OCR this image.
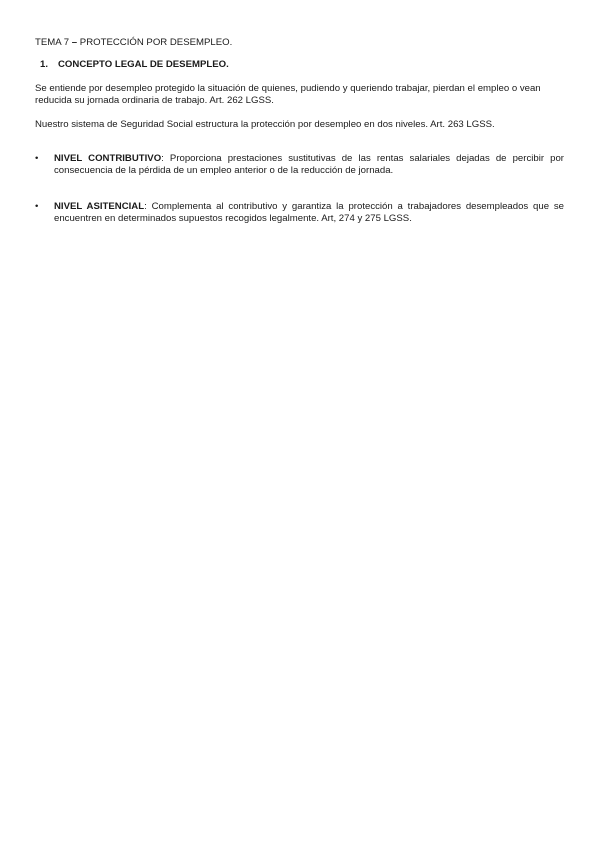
TEMA 7 – PROTECCIÓN POR DESEMPLEO.
1. CONCEPTO LEGAL DE DESEMPLEO.
Se entiende por desempleo protegido la situación de quienes, pudiendo y queriendo trabajar, pierdan el empleo o vean
reducida su jornada ordinaria de trabajo. Art. 262 LGSS.
Nuestro sistema de Seguridad Social estructura la protección por desempleo en dos niveles. Art. 263 LGSS.
•	NIVEL CONTRIBUTIVO: Proporciona prestaciones sustitutivas de las rentas salariales dejadas de percibir por
consecuencia de la pérdida de un empleo anterior o de la reducción de jornada.
•	NIVEL ASITENCIAL: Complementa al contributivo y garantiza la protección a trabajadores desempleados que se
encuentren en determinados supuestos recogidos legalmente. Art, 274 y 275 LGSS.
